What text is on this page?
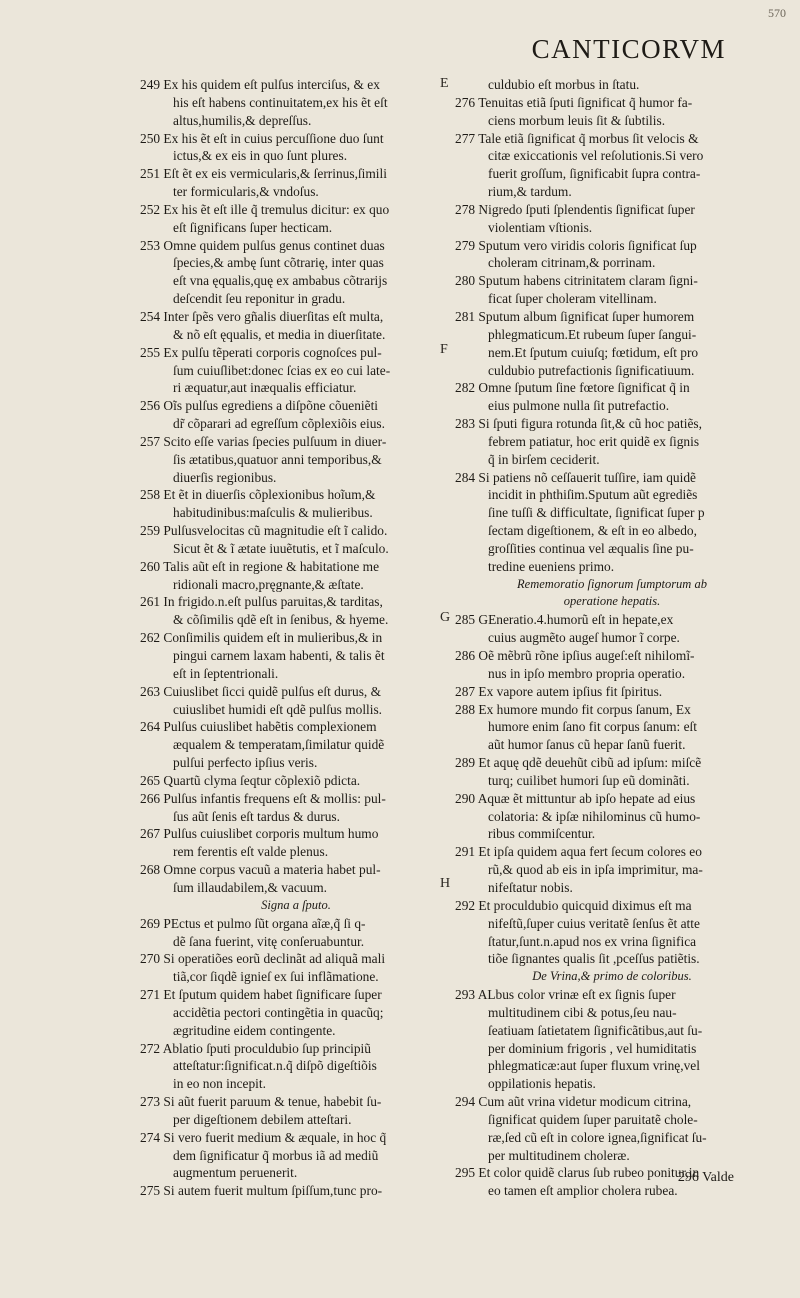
570
CANTICORVM
249 Ex his quidem eſt pulſus interciſus, & ex
his eſt habens continuitatem,ex his ẽt eſt
altus,humilis,& depreſſus.
250 Ex his ẽt eſt in cuius percuſſione duo ſunt
ictus,& ex eis in quo ſunt plures.
251 Eſt ẽt ex eis vermicularis,& ſerrinus,ſimili
ter formicularis,& vndoſus.
252 Ex his ẽt eſt ille q̃ tremulus dicitur: ex quo
eſt ſignificans ſuper hecticam.
253 Omne quidem pulſus genus continet duas
ſpecies,& ambę ſunt cõtrarię, inter quas
eſt vna ęqualis,quę ex ambabus cõtrarijs
deſcendit ſeu reponitur in gradu.
254 Inter ſpẽs vero gñalis diuerſitas eſt multa,
& nõ eſt ęqualis, et media in diuerſitate.
255 Ex pulſu tẽperati corporis cognoſces pul-
ſum cuiuſlibet:donec ſcias ex eo cui late-
ri æquatur,aut inæqualis efficiatur.
256 Oĩs pulſus egrediens a diſpõne cõueniẽti
dr̃ cõparari ad egreſſum cõplexiõis eius.
257 Scito eſſe varias ſpecies pulſuum in diuer-
ſis ætatibus,quatuor anni temporibus,&
diuerſis regionibus.
258 Et ẽt in diuerſis cõplexionibus hoĩum,&
habitudinibus:maſculis & mulieribus.
259 Pulſusvelocitas cũ magnitudie eſt ĩ calido.
Sicut ẽt & ĩ ætate iuuẽtutis, et ĩ maſculo.
260 Talis aũt eſt in regione & habitatione me
ridionali macro,pręgnante,& æſtate.
261 In frigido.n.eſt pulſus paruitas,& tarditas,
& cõſimilis qdẽ eſt in ſenibus, & hyeme.
262 Conſimilis quidem eſt in mulieribus,& in
pingui carnem laxam habenti, & talis ẽt
eſt in ſeptentrionali.
263 Cuiuslibet ſicci quidẽ pulſus eſt durus, &
cuiuslibet humidi eſt qdẽ pulſus mollis.
264 Pulſus cuiuslibet habẽtis complexionem
æqualem & temperatam,ſimilatur quidẽ
pulſui perfecto ipſius veris.
265 Quartũ clyma ſeqtur cõplexiõ pdicta.
266 Pulſus infantis frequens eſt & mollis: pul-
ſus aũt ſenis eſt tardus & durus.
267 Pulſus cuiuslibet corporis multum humo
rem ferentis eſt valde plenus.
268 Omne corpus vacuũ a materia habet pul-
ſum illaudabilem,& vacuum.
Signa a ſputo.
269 PEctus et pulmo ſũt organa aĩæ,q̃ ſi q-
dẽ ſana fuerint, vitę conſeruabuntur.
270 Si operatiões eorũ declinãt ad aliquã mali
tiã,cor ſiqdẽ ignieſ ex ſui inflãmatione.
271 Et ſputum quidem habet ſignificare ſuper
accidẽtia pectori contingẽtia in quacũq;
ægritudine eidem contingente.
272 Ablatio ſputi proculdubio ſup principiũ
atteſtatur:ſignificat.n.q̃ diſpõ digeſtiõis
in eo non incepit.
273 Si aũt fuerit paruum & tenue, habebit ſu-
per digeſtionem debilem atteſtari.
274 Si vero fuerit medium & æquale, in hoc q̃
dem ſignificatur q̃ morbus iã ad mediũ
augmentum peruenerit.
275 Si autem fuerit multum ſpiſſum,tunc pro-
culdubio eſt morbus in ſtatu.
276 Tenuitas etiã ſputi ſignificat q̃ humor fa-
ciens morbum leuis ſit & ſubtilis.
277 Tale etiã ſignificat q̃ morbus ſit velocis &
citæ exiccationis vel reſolutionis.Si vero
fuerit groſſum, ſignificabit ſupra contra-
rium,& tardum.
278 Nigredo ſputi ſplendentis ſignificat ſuper
violentiam vſtionis.
279 Sputum vero viridis coloris ſignificat ſup
choleram citrinam,& porrinam.
280 Sputum habens citrinitatem claram ſigni-
ficat ſuper choleram vitellinam.
281 Sputum album ſignificat ſuper humorem
phlegmaticum.Et rubeum ſuper ſangui-
nem.Et ſputum cuiuſq; fœtidum, eſt pro
culdubio putrefactionis ſignificatiuum.
282 Omne ſputum ſine fœtore ſignificat q̃ in
eius pulmone nulla ſit putrefactio.
283 Si ſputi figura rotunda ſit,& cũ hoc patiẽs,
febrem patiatur, hoc erit quidẽ ex ſignis
q̃ in birſem ceciderit.
284 Si patiens nõ ceſſauerit tuſſire, iam quidẽ
incidit in phthiſim.Sputum aũt egrediẽs
ſine tuſſi & difficultate, ſignificat ſuper p
ſectam digeſtionem, & eſt in eo albedo,
groſſities continua vel æqualis ſine pu-
tredine eueniens primo.
Rememoratio ſignorum ſumptorum ab
operatione hepatis.
285 GEneratio.4.humorũ eſt in hepate,ex
cuius augmẽto augeſ humor ĩ corpe.
286 Oẽ mẽbrũ rõne ipſius augeſ:eſt nihilomĩ-
nus in ipſo membro propria operatio.
287 Ex vapore autem ipſius fit ſpiritus.
288 Ex humore mundo fit corpus ſanum, Ex
humore enim ſano fit corpus ſanum: eſt
aũt humor ſanus cũ hepar ſanũ fuerit.
289 Et aquę qdẽ deuehũt cibũ ad ipſum: miſcẽ
turq; cuilibet humori ſup eũ dominãti.
290 Aquæ ẽt mittuntur ab ipſo hepate ad eius
colatoria: & ipſæ nihilominus cũ humo-
ribus commiſcentur.
291 Et ipſa quidem aqua fert ſecum colores eo
rũ,& quod ab eis in ipſa imprimitur, ma-
nifeſtatur nobis.
292 Et proculdubio quicquid diximus eſt ma
nifeſtũ,ſuper cuius veritatẽ ſenſus ẽt atte
ſtatur,ſunt.n.apud nos ex vrina ſignifica
tiõe ſignantes qualis ſit ,pceſſus patiẽtis.
De Vrina,& primo de coloribus.
293 ALbus color vrinæ eſt ex ſignis ſuper
multitudinem cibi & potus,ſeu nau-
ſeatiuam ſatietatem ſignificãtibus,aut ſu-
per dominium frigoris , vel humiditatis
phlegmaticæ:aut ſuper fluxum vrinę,vel
oppilationis hepatis.
294 Cum aũt vrina videtur modicum citrina,
ſignificat quidem ſuper paruitatẽ chole-
ræ,ſed cũ eſt in colore ignea,ſignificat ſu-
per multitudinem choleræ.
295 Et color quidẽ clarus ſub rubeo ponitur,in
eo tamen eſt amplior cholera rubea.
E
F
G
H
296 Valde
